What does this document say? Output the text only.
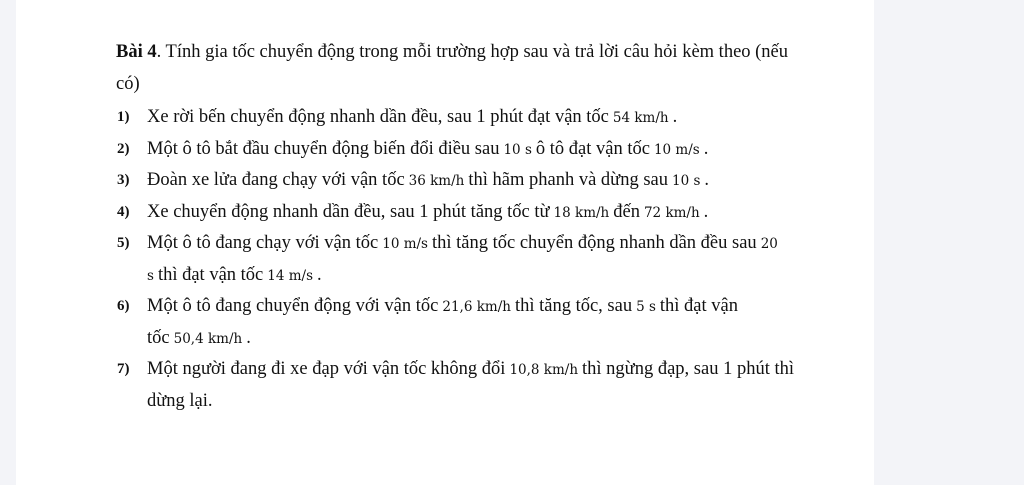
Bài 4. Tính gia tốc chuyển động trong mỗi trường hợp sau và trả lời câu hỏi kèm theo (nếu có)

1) Xe rời bến chuyển động nhanh dần đều, sau 1 phút đạt vận tốc 54 km/h .
2) Một ô tô bắt đầu chuyển động biến đổi điều sau 10 s ô tô đạt vận tốc 10 m/s .
3) Đoàn xe lửa đang chạy với vận tốc 36 km/h thì hãm phanh và dừng sau 10 s .
4) Xe chuyển động nhanh dần đều, sau 1 phút tăng tốc từ 18 km/h đến 72 km/h .
5) Một ô tô đang chạy với vận tốc 10 m/s thì tăng tốc chuyển động nhanh dần đều sau 20 s thì đạt vận tốc 14 m/s .
6) Một ô tô đang chuyển động với vận tốc 21,6 km/h thì tăng tốc, sau 5 s thì đạt vận tốc 50,4 km/h .
7) Một người đang đi xe đạp với vận tốc không đổi 10,8 km/h thì ngừng đạp, sau 1 phút thì dừng lại.
